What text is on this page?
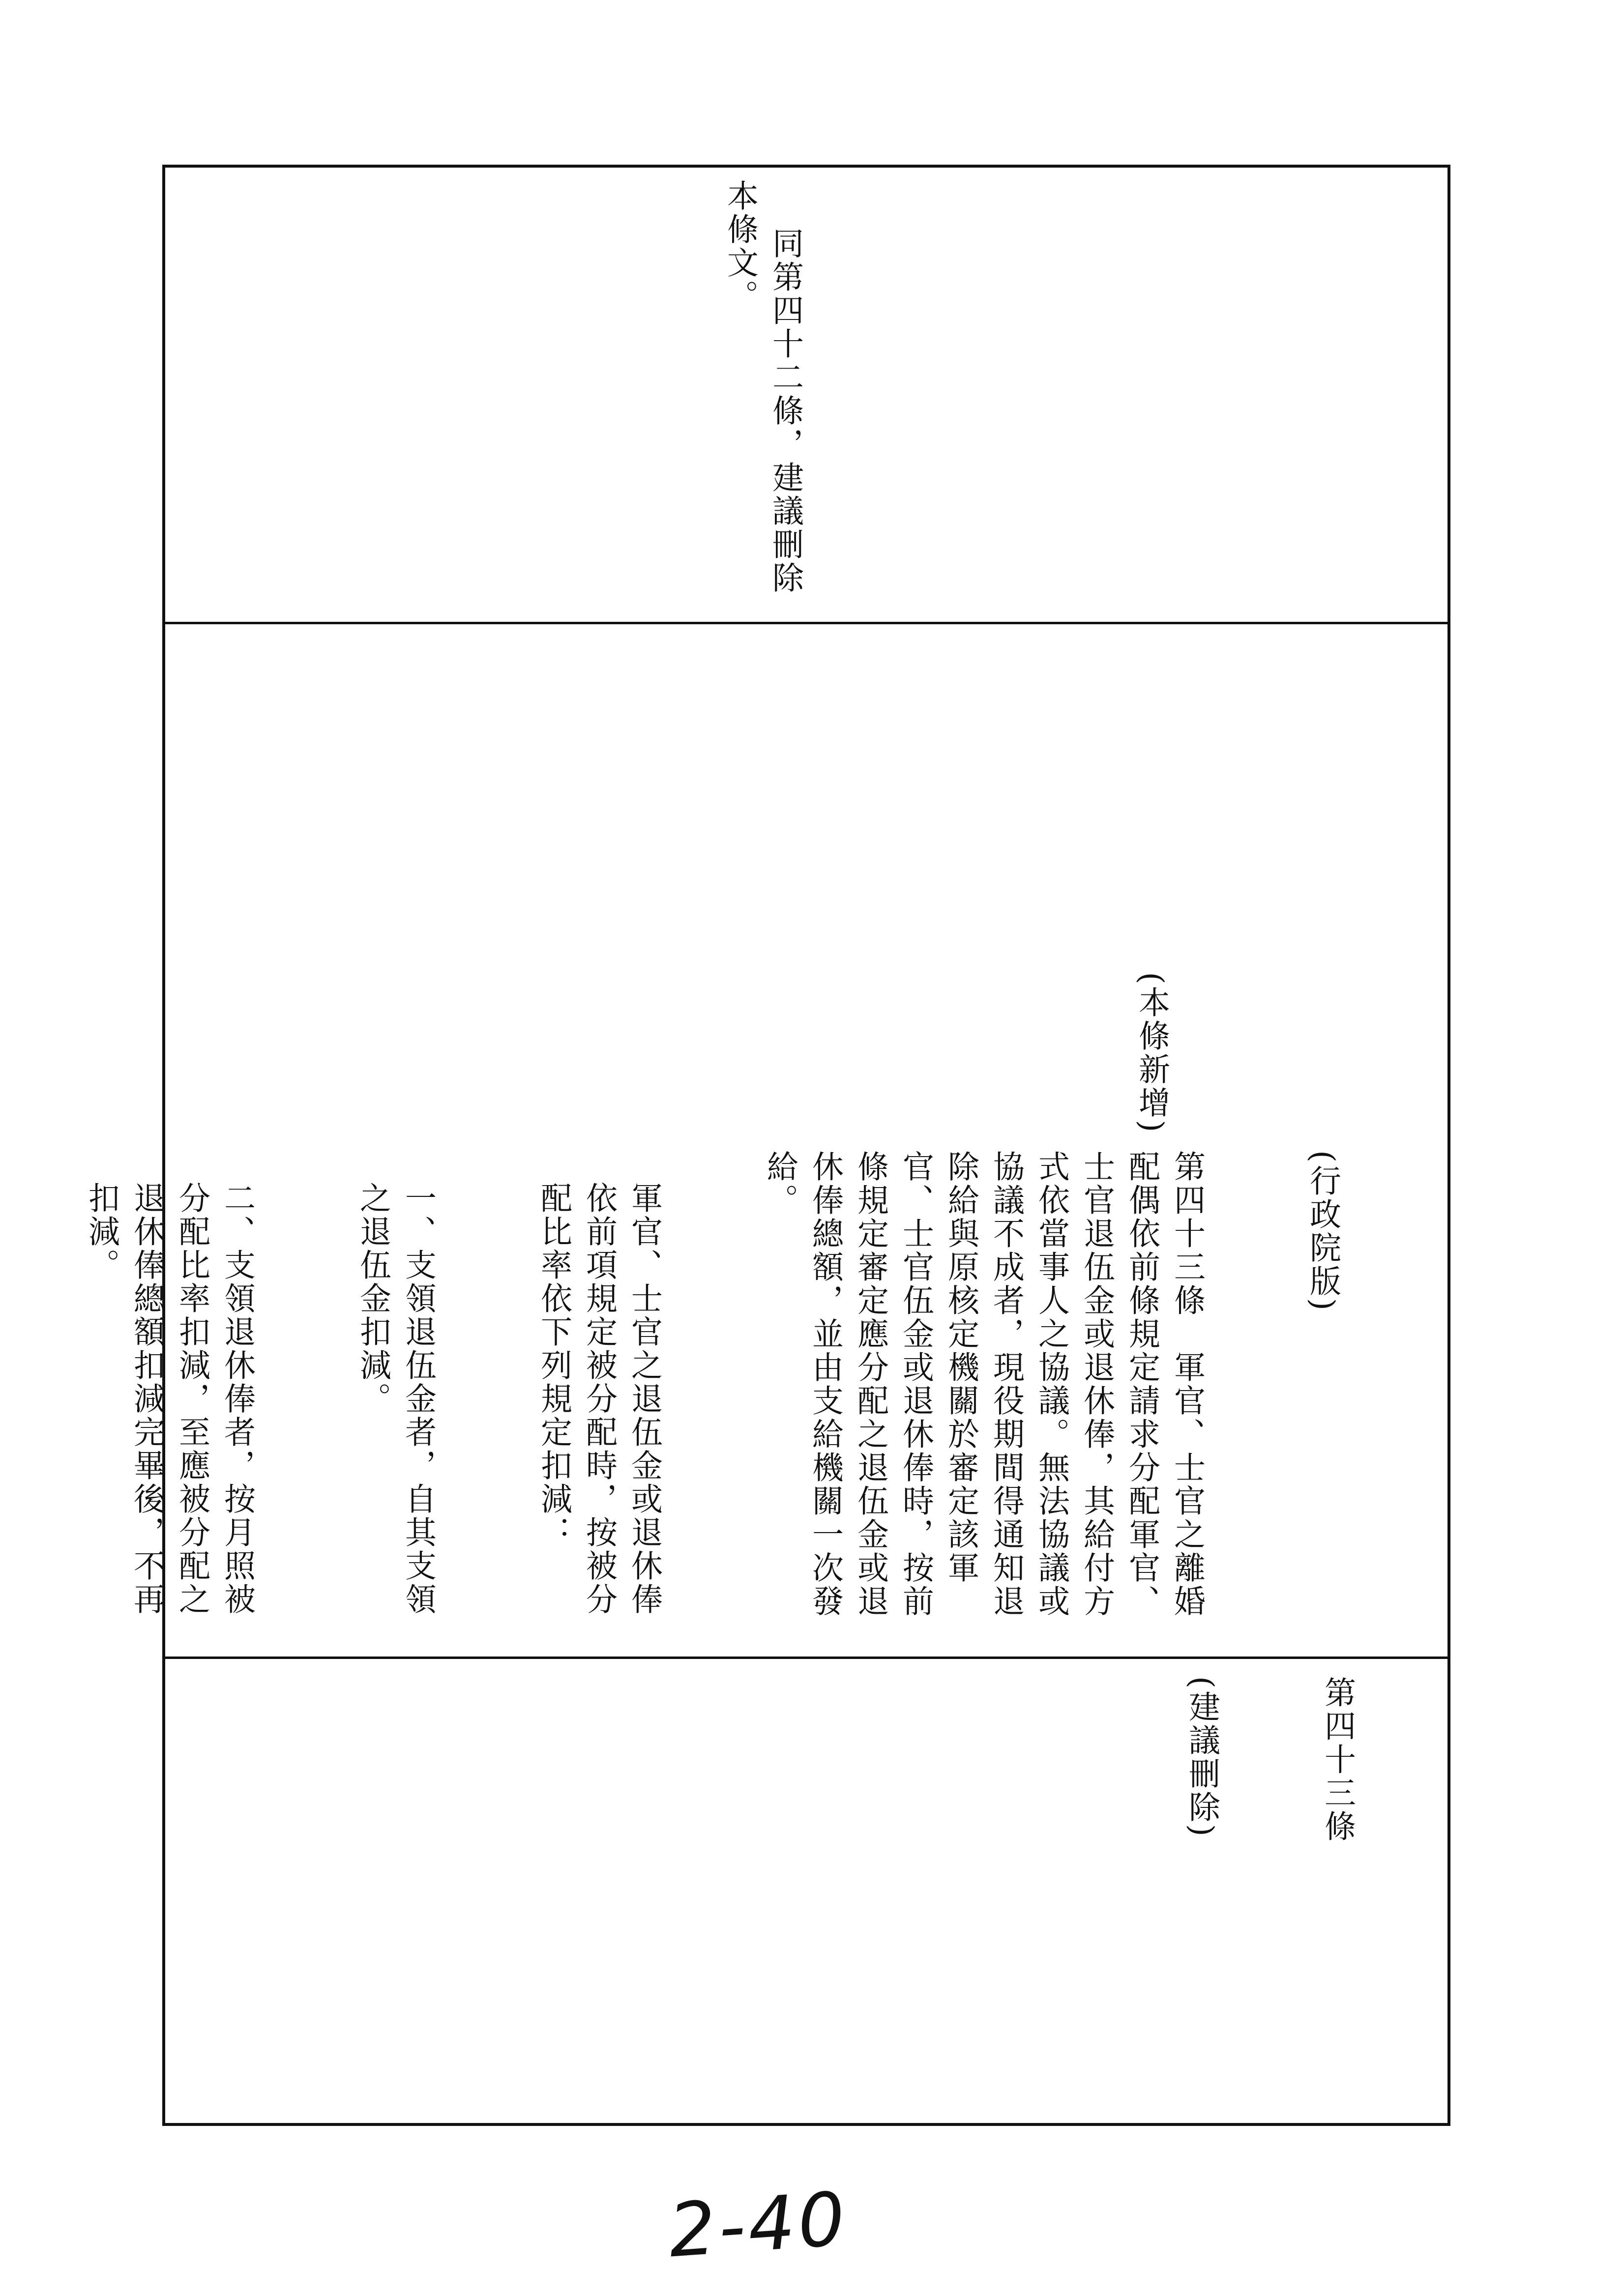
同第四十二條，建議刪除本條文。

(行政院版)

第四十三條　軍官、士官之離婚配偶依前條規定請求分配軍官、士官退伍金或退休俸，其給付方式依當事人之協議。無法協議或協議不成者，現役期間得通知退除給與原核定機關於審定該軍官、士官伍金或退休俸時，按前條規定審定應分配之退伍金或退休俸總額，並由支給機關一次發給。

軍官、士官之退伍金或退休俸依前項規定被分配時，按被分配比率依下列規定扣減：

一、支領退伍金者，自其支領之退伍金扣減。

二、支領退休俸者，按月照被分配比率扣減，至應被分配之退休俸總額扣減完畢後，不再扣減。

(本條新增)

第四十三條

(建議刪除)

2-40
